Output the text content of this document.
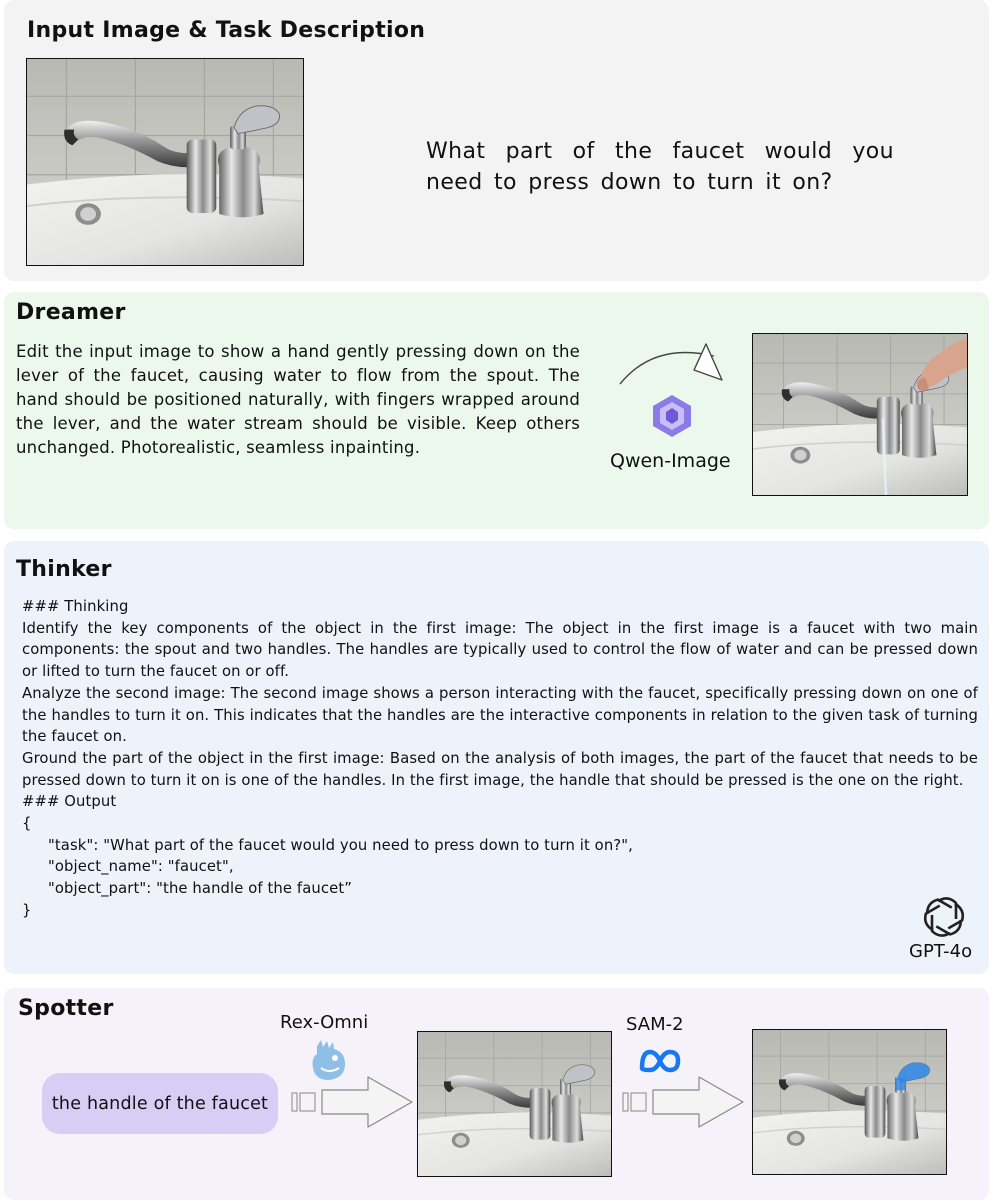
Input Image & Task Description
What part of the faucet would you need to press down to turn it on?
Dreamer
Edit the input image to show a hand gently pressing down on the lever of the faucet, causing water to flow from the spout. The hand should be positioned naturally, with fingers wrapped around the lever, and the water stream should be visible. Keep others unchanged. Photorealistic, seamless inpainting.
Qwen-Image
Thinker

### Thinking

Identify the key components of the object in the first image: The object in the first image is a faucet with two main components: the spout and two handles. The handles are typically used to control the flow of water and can be pressed down or lifted to turn the faucet on or off.

Analyze the second image: The second image shows a person interacting with the faucet, specifically pressing down on one of the handles to turn it on. This indicates that the handles are the interactive components in relation to the given task of turning the faucet on.

Ground the part of the object in the first image: Based on the analysis of both images, the part of the faucet that needs to be pressed down to turn it on is one of the handles. In the first image, the handle that should be pressed is the one on the right.

### Output

{

"task": "What part of the faucet would you need to press down to turn it on?",

"object_name": "faucet",

"object_part": "the handle of the faucet”

}

GPT-4o
Spotter
the handle of the faucet
Rex-Omni	SAM-2
